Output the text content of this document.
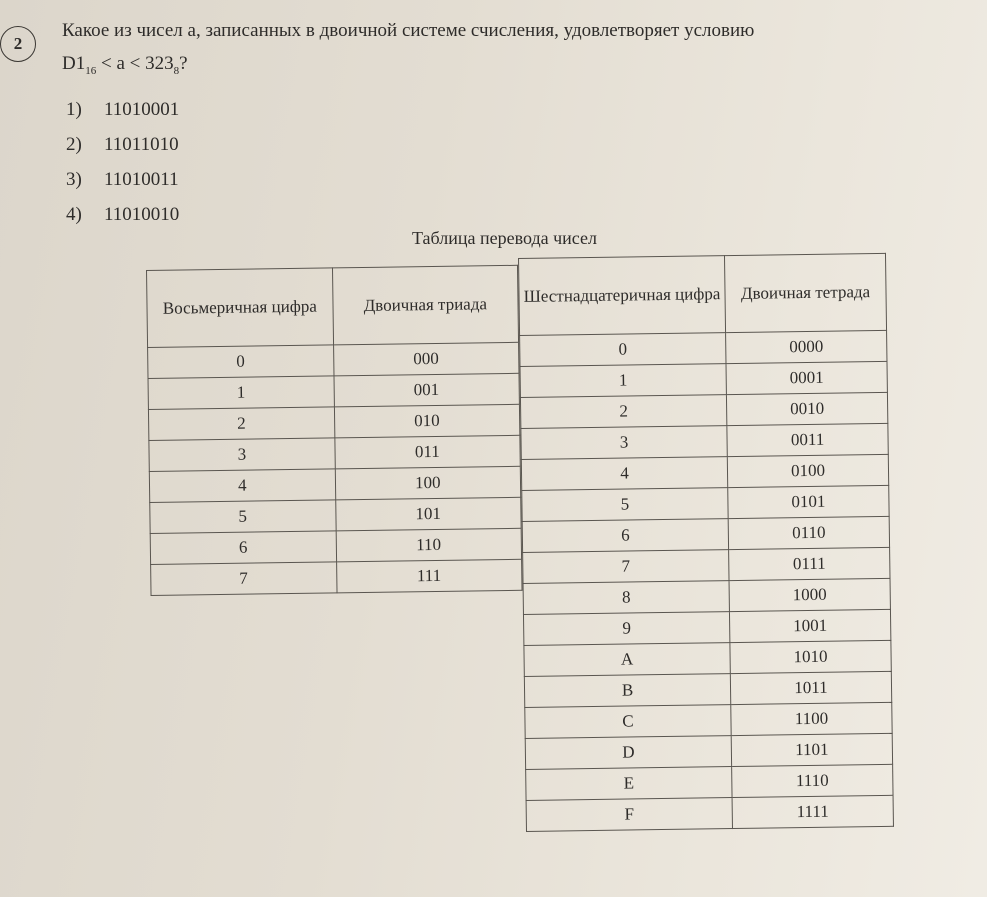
2
Какое из чисел a, записанных в двоичной системе счисления, удовлетворяет условию
$D1_{16} < a < 323_8$?
1) 11010001
2) 11011010
3) 11010011
4) 11010010
Таблица перевода чисел
Восьмеричная цифра	Двоичная триада
0	000
1	001
2	010
3	011
4	100
5	101
6	110
7	111
Шестнадцатеричная цифра	Двоичная тетрада
0	0000
1	0001
2	0010
3	0011
4	0100
5	0101
6	0110
7	0111
8	1000
9	1001
A	1010
B	1011
C	1100
D	1101
E	1110
F	1111
